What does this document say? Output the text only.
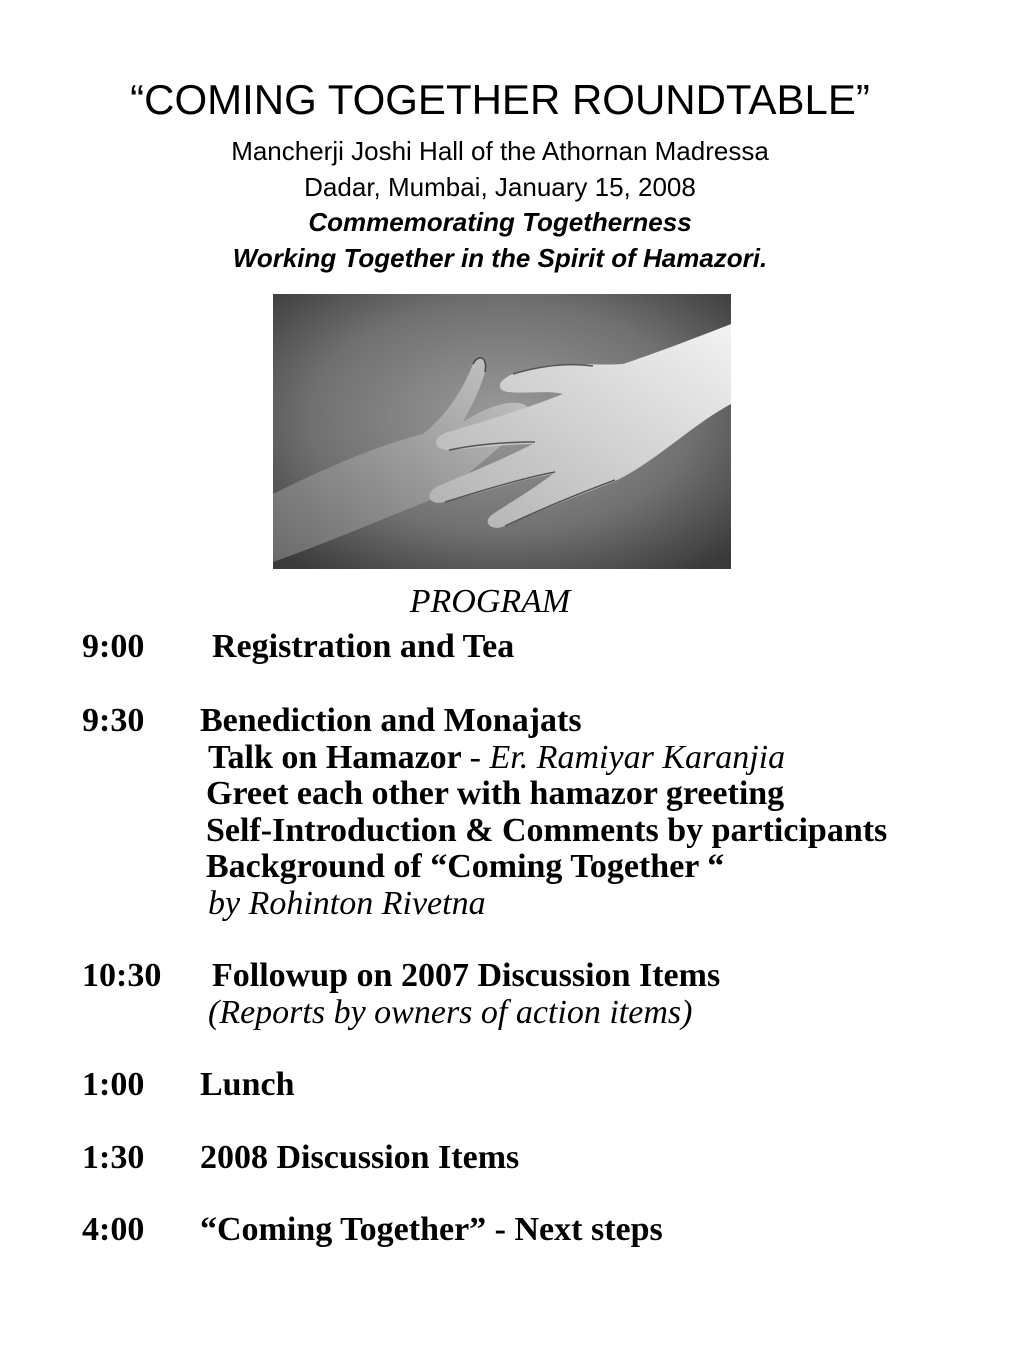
“COMING TOGETHER ROUNDTABLE”
Mancherji Joshi Hall of the Athornan Madressa
Dadar, Mumbai, January 15, 2008
Commemorating Togetherness
Working Together in the Spirit of Hamazori.
PROGRAM
9:00 Registration and Tea
9:30 Benediction and Monajats
Talk on Hamazor - Er. Ramiyar Karanjia
Greet each other with hamazor greeting
Self-Introduction & Comments by participants
Background of “Coming Together “
by Rohinton Rivetna
10:30 Followup on 2007 Discussion Items
(Reports by owners of action items)
1:00 Lunch
1:30 2008 Discussion Items
4:00 “Coming Together” - Next steps
